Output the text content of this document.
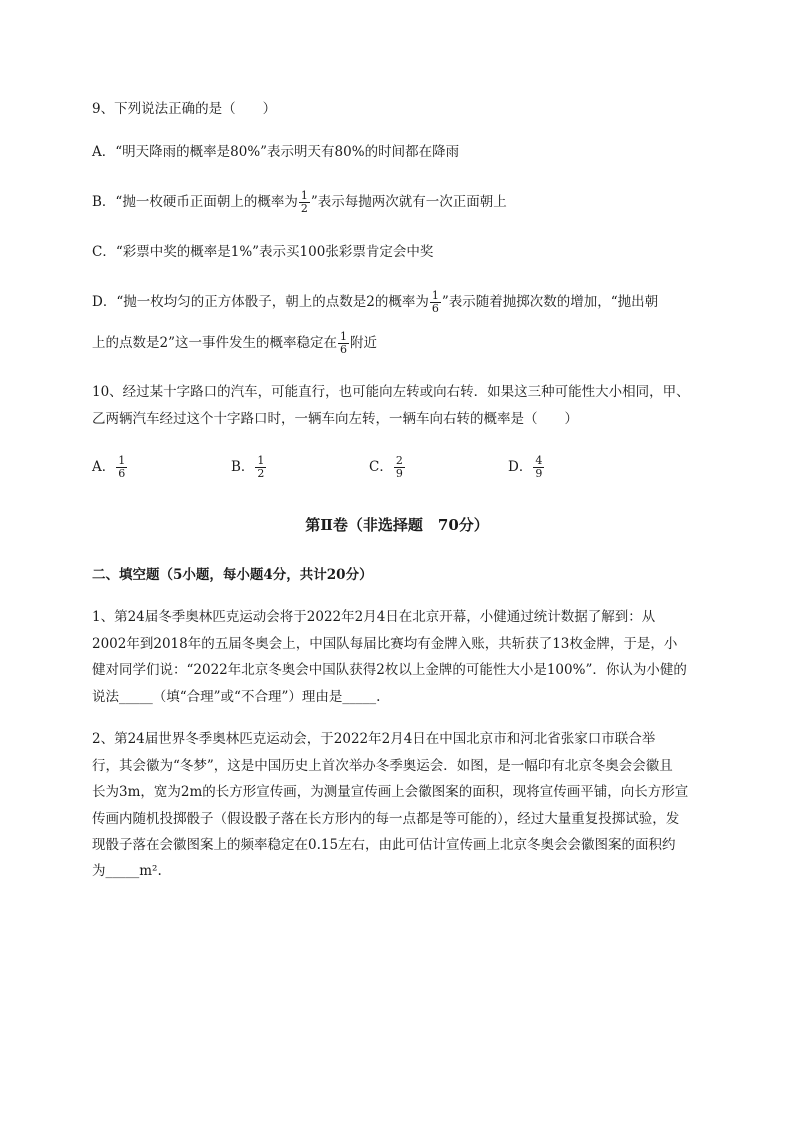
9、下列说法正确的是（　　）
A．“明天降雨的概率是80%”表示明天有80%的时间都在降雨
B．“抛一枚硬币正面朝上的概率为 $\frac{1}{2}$ ”表示每抛两次就有一次正面朝上
C．“彩票中奖的概率是1%”表示买100张彩票肯定会中奖
D．“抛一枚均匀的正方体骰子，朝上的点数是2的概率为 $\frac{1}{6}$ ”表示随着抛掷次数的增加，“抛出朝
上的点数是2”这一事件发生的概率稳定在 $\frac{1}{6}$ 附近
10、经过某十字路口的汽车，可能直行，也可能向左转或向右转．如果这三种可能性大小相同，甲、
乙两辆汽车经过这个十字路口时，一辆车向左转，一辆车向右转的概率是（　　）
A． $\frac{1}{6}$	B． $\frac{1}{2}$	C． $\frac{2}{9}$	D． $\frac{4}{9}$
第Ⅱ卷（非选择题　70分）
二、填空题（5小题，每小题4分，共计20分）
1、第24届冬季奥林匹克运动会将于2022年2月4日在北京开幕，小健通过统计数据了解到：从
2002年到2018年的五届冬奥会上，中国队每届比赛均有金牌入账，共斩获了13枚金牌，于是，小
健对同学们说：“2022年北京冬奥会中国队获得2枚以上金牌的可能性大小是100%”．你认为小健的
说法_____（填“合理”或“不合理”）理由是_____.
2、第24届世界冬季奥林匹克运动会，于2022年2月4日在中国北京市和河北省张家口市联合举
行，其会徽为“冬梦”，这是中国历史上首次举办冬季奥运会．如图，是一幅印有北京冬奥会会徽且
长为3m，宽为2m的长方形宣传画，为测量宣传画上会徽图案的面积，现将宣传画平铺，向长方形宣
传画内随机投掷骰子（假设骰子落在长方形内的每一点都是等可能的），经过大量重复投掷试验，发
现骰子落在会徽图案上的频率稳定在0.15左右，由此可估计宣传画上北京冬奥会会徽图案的面积约
为_____m².
